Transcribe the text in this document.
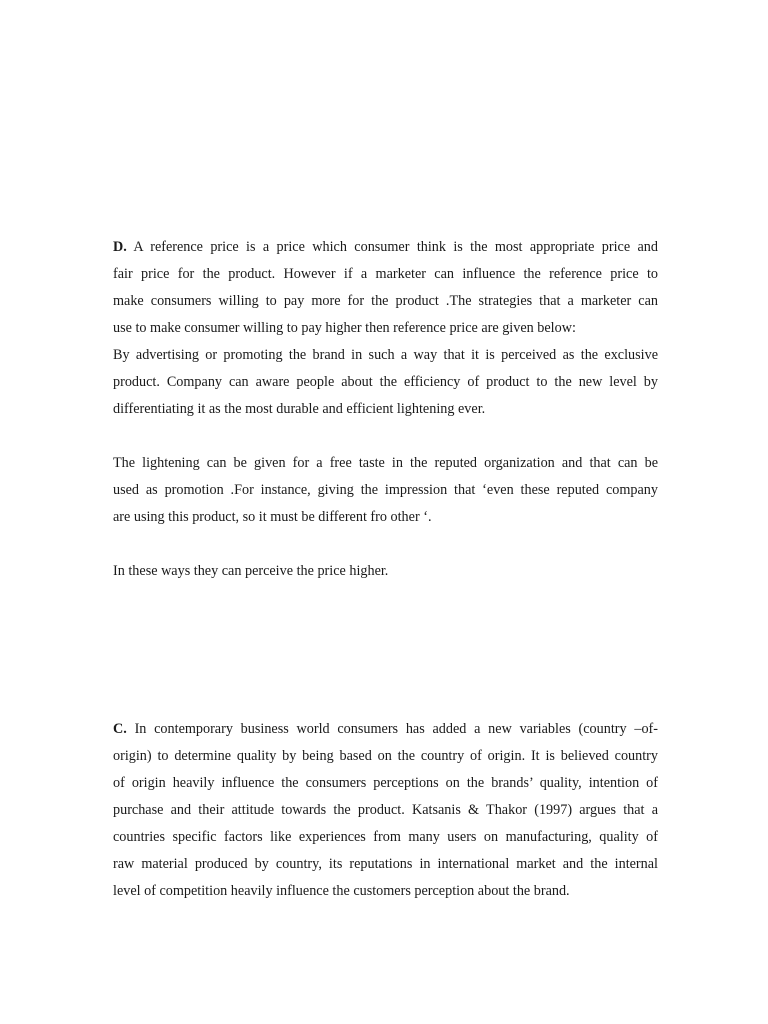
D. A reference price is a price which consumer think is the most appropriate price and
fair price for the product. However if a marketer can influence the reference price to
make consumers willing to pay more for the product .The strategies that a marketer can
use to make consumer willing to pay higher then reference price are given below:
By advertising or promoting the brand in such a way that it is perceived as the exclusive
product. Company can aware people about the efficiency of product to the new level by
differentiating it as the most durable and efficient lightening ever.
The lightening can be given for a free taste in the reputed organization and that can be
used as promotion .For instance, giving the impression that ‘even these reputed company
are using this product, so it must be different fro other ‘.
In these ways they can perceive the price higher.
C. In contemporary business world consumers has added a new variables (country –of-
origin) to determine quality by being based on the country of origin. It is believed country
of origin heavily influence the consumers perceptions on the brands’ quality, intention of
purchase and their attitude towards the product. Katsanis & Thakor (1997) argues that a
countries specific factors like experiences from many users on manufacturing, quality of
raw material produced by country, its reputations in international market and the internal
level of competition heavily influence the customers perception about the brand.
